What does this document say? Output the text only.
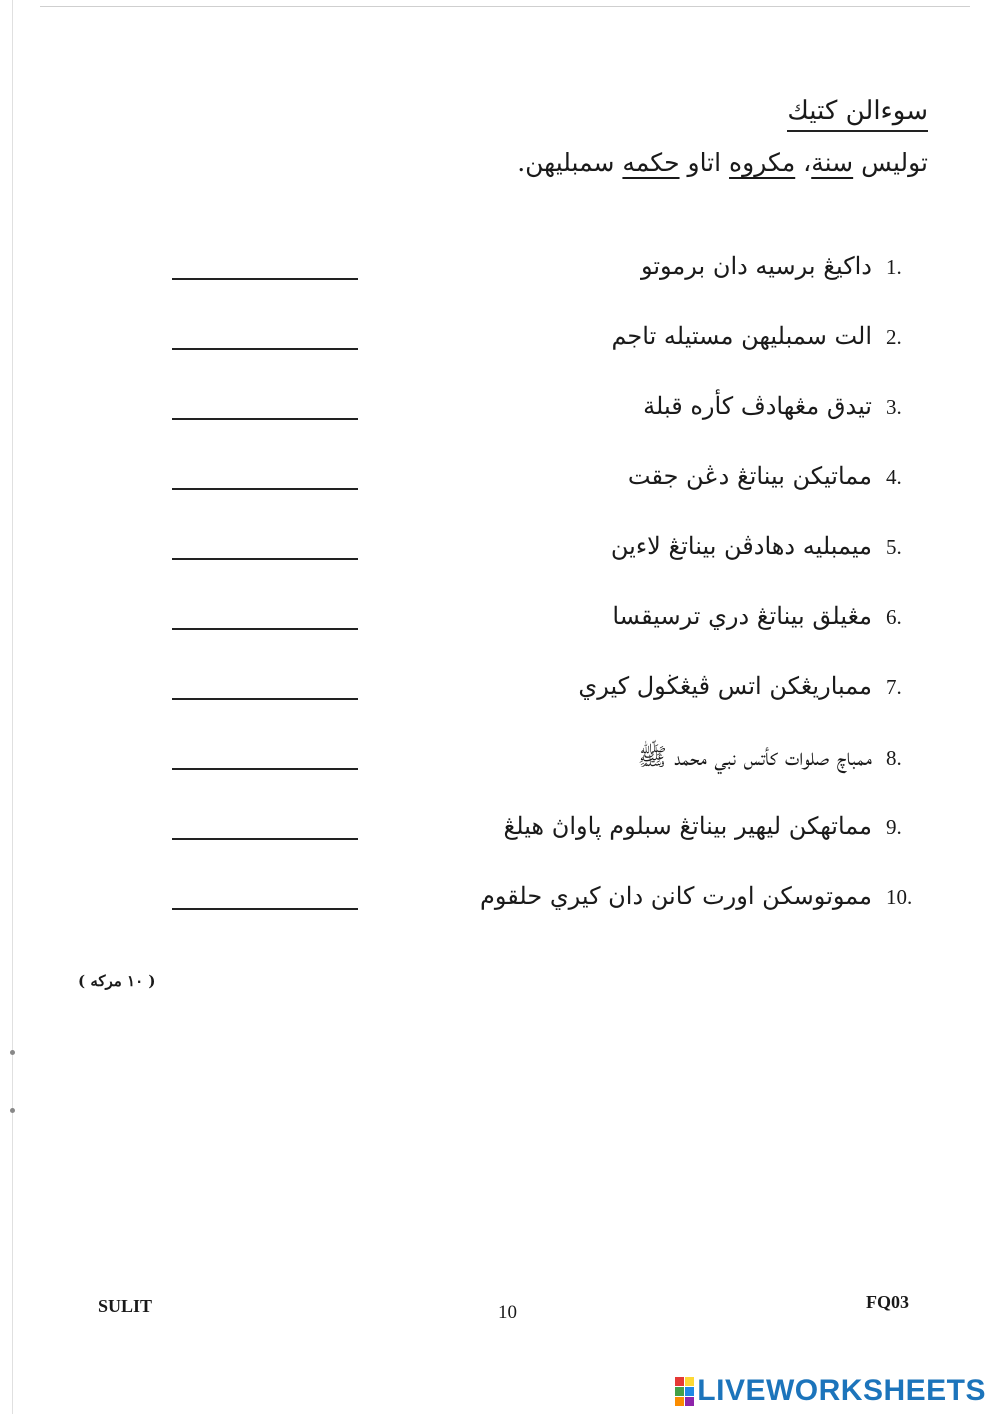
سوءالن كتيك
توليس سنة، مكروه اتاو حكمه سمبليهن.
1.
داکيڠ برسيه دان برموتو
2.
الت سمبليهن مستيله تاجم
3.
تيدق مڠهادڤ کأره قبلة
4.
مماتيکن بيناتڠ دڠن جقت
5.
ميمبليه دهادڤن بيناتڠ لاءين
6.
مڠيلق بيناتڠ دري ترسيقسا
7.
ممباريڠکن اتس ڤيڠڬول کيري
8.
ممباچ صلوات کأتس نبي محمد ﷺ
9.
مماتهکن ليهير بيناتڠ سبلوم ڽاواڽ هيلڠ
10.
مموتوسکن اورت کانن دان کيري حلقوم
( ١٠ مرکه )
SULIT	10	FQ03
LIVEWORKSHEETS
